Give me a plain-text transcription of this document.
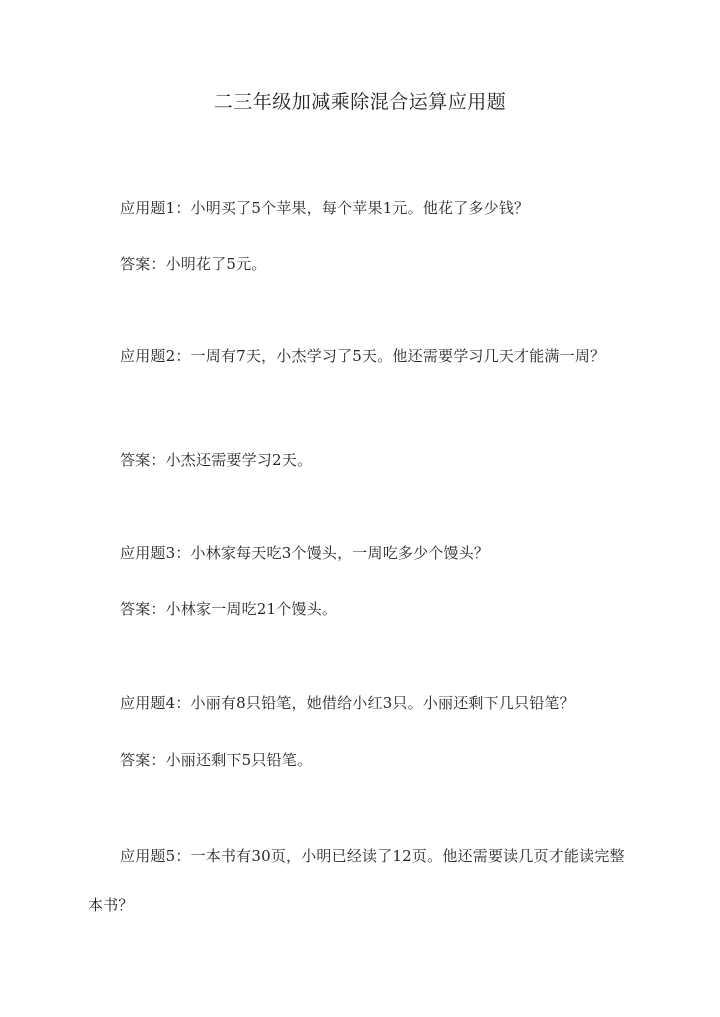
二三年级加减乘除混合运算应用题

应用题1：小明买了5个苹果，每个苹果1元。他花了多少钱？

答案：小明花了5元。

应用题2：一周有7天，小杰学习了5天。他还需要学习几天才能满一周？

答案：小杰还需要学习2天。

应用题3：小林家每天吃3个馒头，一周吃多少个馒头？

答案：小林家一周吃21个馒头。

应用题4：小丽有8只铅笔，她借给小红3只。小丽还剩下几只铅笔？

答案：小丽还剩下5只铅笔。

应用题5：一本书有30页，小明已经读了12页。他还需要读几页才能读完整本书？
